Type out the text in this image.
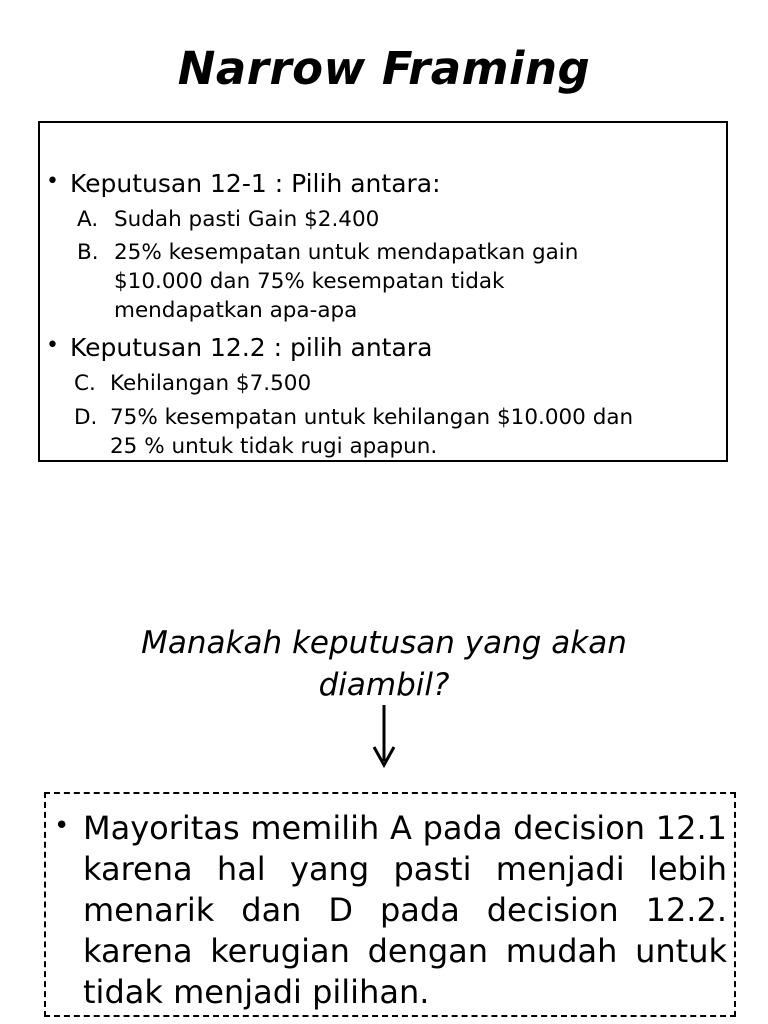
Narrow Framing
• Keputusan 12-1 : Pilih antara:
A. Sudah pasti Gain $2.400
B. 25% kesempatan untuk mendapatkan gain
$10.000 dan 75% kesempatan tidak
mendapatkan apa-apa
• Keputusan 12.2 : pilih antara
C. Kehilangan $7.500
D. 75% kesempatan untuk kehilangan $10.000 dan
25 % untuk tidak rugi apapun.
Manakah keputusan yang akan
diambil?
• Mayoritas memilih A pada decision 12.1 karena hal yang pasti menjadi lebih menarik dan D pada decision 12.2. karena kerugian dengan mudah untuk tidak menjadi pilihan.
